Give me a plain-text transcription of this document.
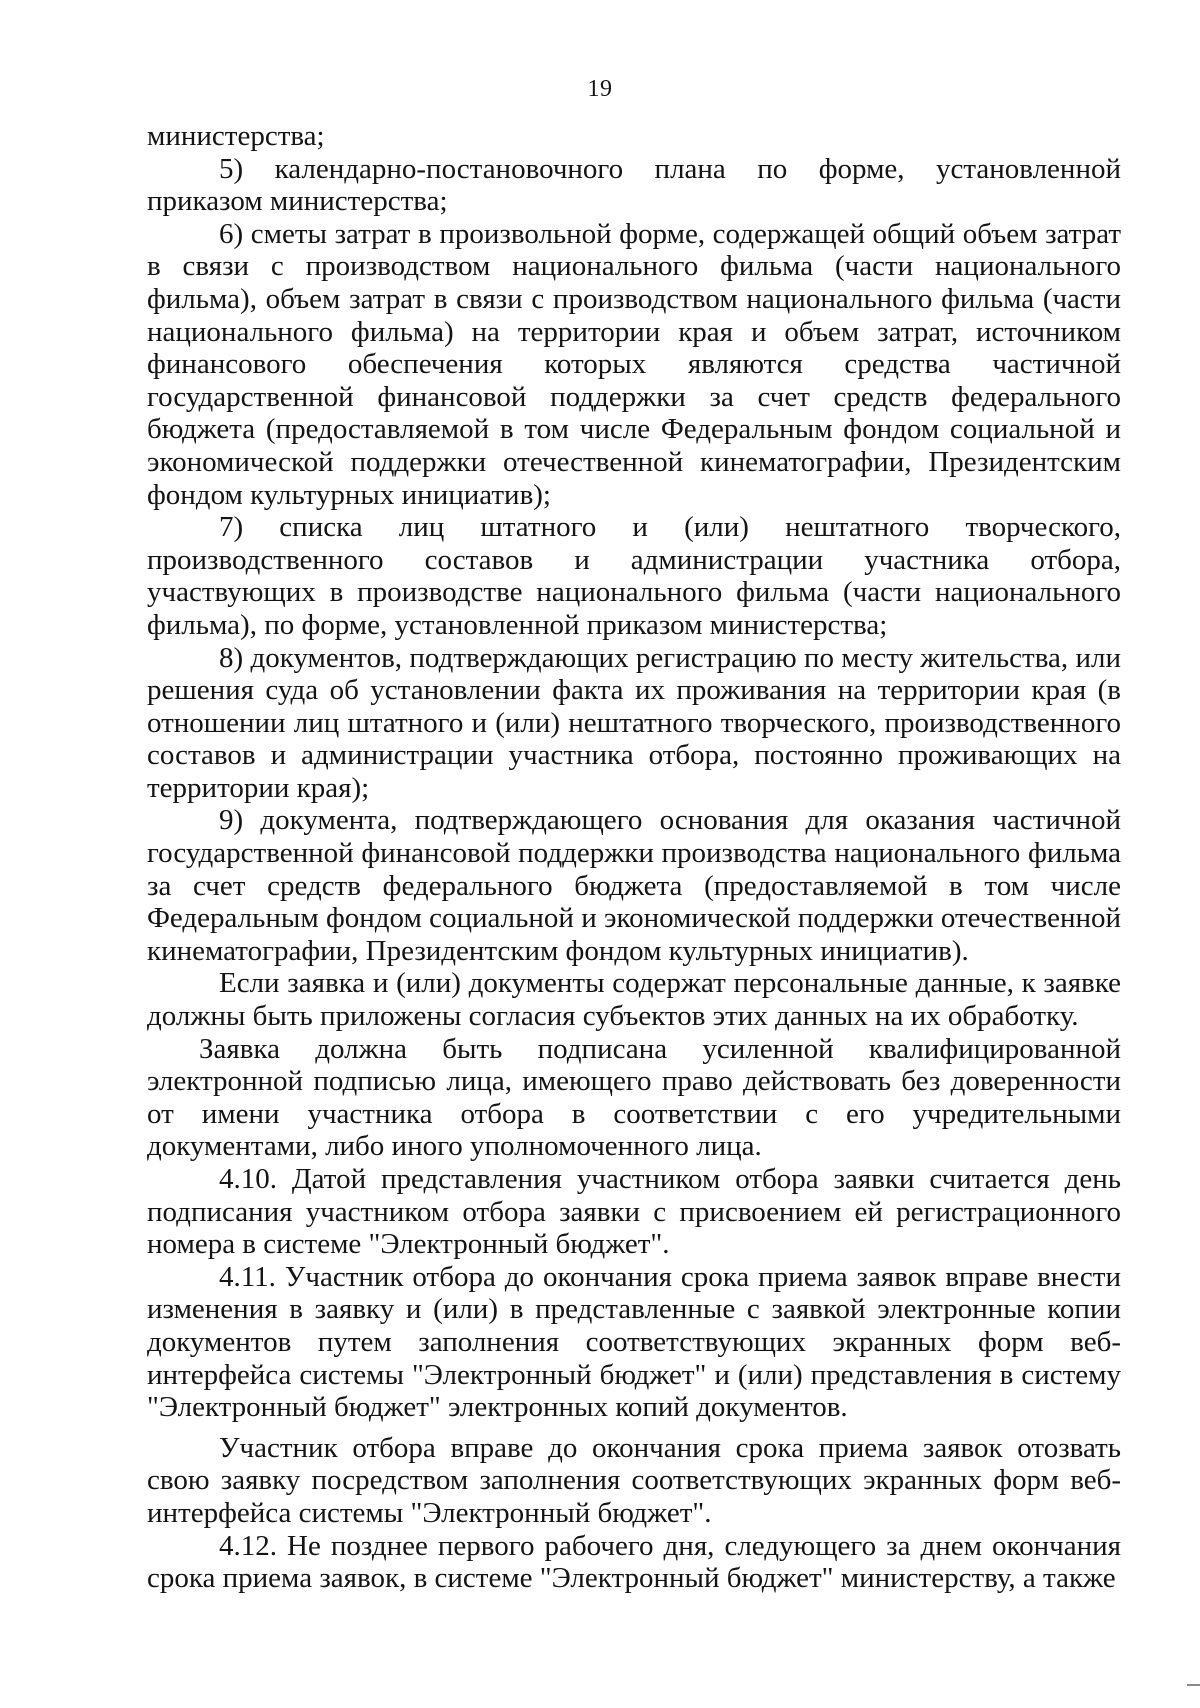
19

министерства;

5) календарно-постановочного плана по форме, установленной приказом министерства;

6) сметы затрат в произвольной форме, содержащей общий объем затрат в связи с производством национального фильма (части национального фильма), объем затрат в связи с производством национального фильма (части национального фильма) на территории края и объем затрат, источником финансового обеспечения которых являются средства частичной государственной финансовой поддержки за счет средств федерального бюджета (предоставляемой в том числе Федеральным фондом социальной и экономической поддержки отечественной кинематографии, Президентским фондом культурных инициатив);

7) списка лиц штатного и (или) нештатного творческого, производственного составов и администрации участника отбора, участвующих в производстве национального фильма (части национального фильма), по форме, установленной приказом министерства;

8) документов, подтверждающих регистрацию по месту жительства, или решения суда об установлении факта их проживания на территории края (в отношении лиц штатного и (или) нештатного творческого, производственного составов и администрации участника отбора, постоянно проживающих на территории края);

9) документа, подтверждающего основания для оказания частичной государственной финансовой поддержки производства национального фильма за счет средств федерального бюджета (предоставляемой в том числе Федеральным фондом социальной и экономической поддержки отечественной кинематографии, Президентским фондом культурных инициатив).

Если заявка и (или) документы содержат персональные данные, к заявке должны быть приложены согласия субъектов этих данных на их обработку.

Заявка должна быть подписана усиленной квалифицированной электронной подписью лица, имеющего право действовать без доверенности от имени участника отбора в соответствии с его учредительными документами, либо иного уполномоченного лица.

4.10. Датой представления участником отбора заявки считается день подписания участником отбора заявки с присвоением ей регистрационного номера в системе "Электронный бюджет".

4.11. Участник отбора до окончания срока приема заявок вправе внести изменения в заявку и (или) в представленные с заявкой электронные копии документов путем заполнения соответствующих экранных форм веб-интерфейса системы "Электронный бюджет" и (или) представления в систему "Электронный бюджет" электронных копий документов.

Участник отбора вправе до окончания срока приема заявок отозвать свою заявку посредством заполнения соответствующих экранных форм веб-интерфейса системы "Электронный бюджет".

4.12. Не позднее первого рабочего дня, следующего за днем окончания срока приема заявок, в системе "Электронный бюджет" министерству, а также
